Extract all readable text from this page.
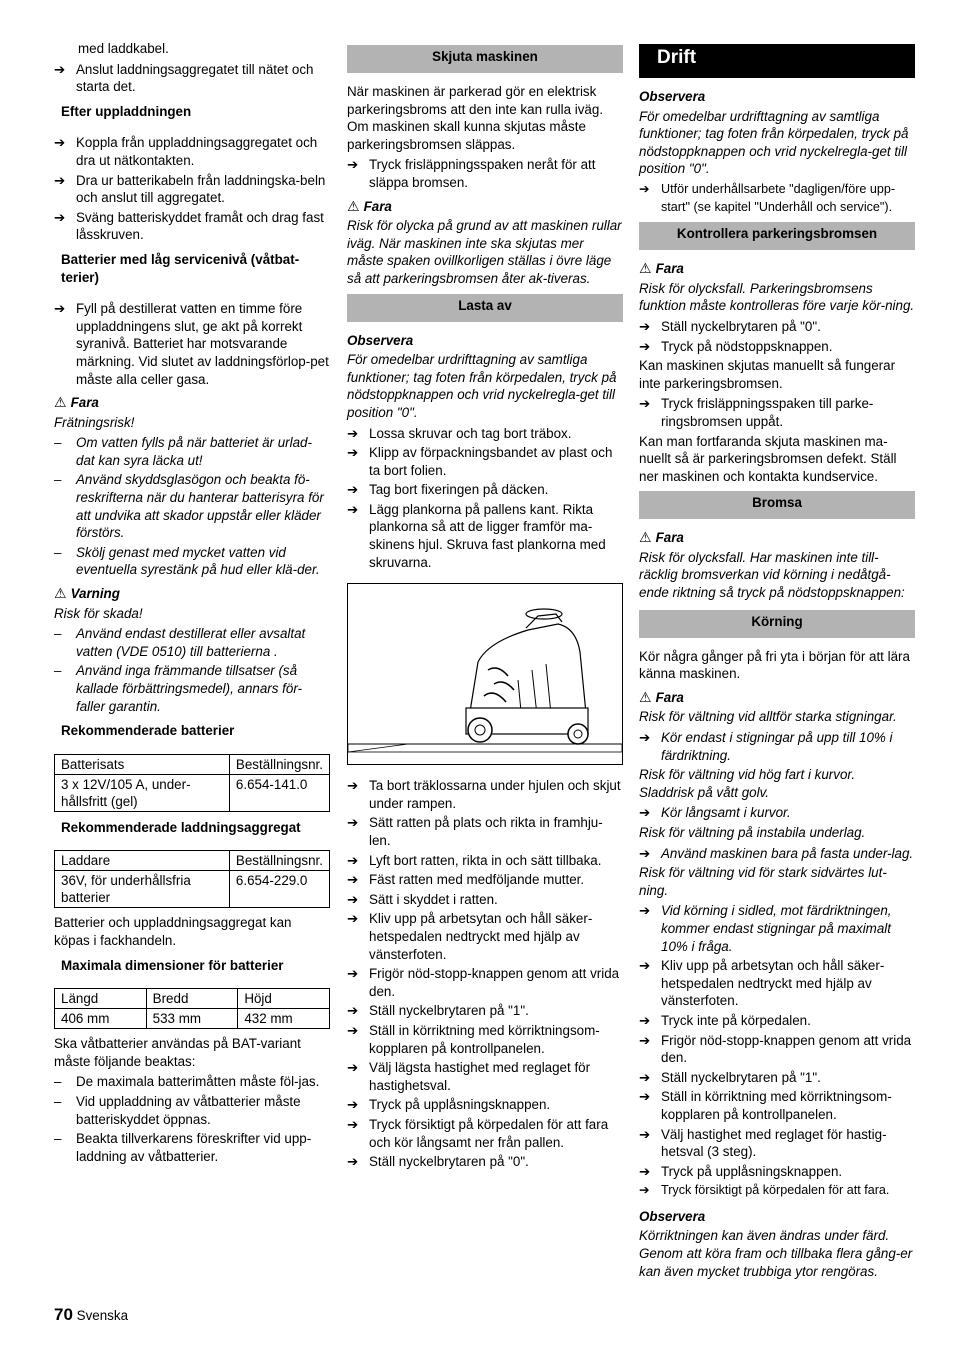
med laddkabel.

➔ Anslut laddningsaggregatet till nätet och starta det.
Efter uppladdningen
➔ Koppla från uppladdningsaggregatet och dra ut nätkontakten.
➔ Dra ur batterikabeln från laddningska-beln och anslut till aggregatet.
➔ Sväng batteriskyddet framåt och drag fast låsskruven.
Batterier med låg servicenivå (våtbat-terier)
➔ Fyll på destillerat vatten en timme före uppladdningens slut, ge akt på korrekt syranivå. Batteriet har motsvarande märkning. Vid slutet av laddningsförlop-pet måste alla celler gasa.
⚠ Fara

Frätningsrisk!

– Om vatten fylls på när batteriet är urlad-dat kan syra läcka ut!
– Använd skyddsglasögon och beakta fö-reskrifterna när du hanterar batterisyra för att undvika att skador uppstår eller kläder förstörs.
– Skölj genast med mycket vatten vid eventuella syrestänk på hud eller klä-der.
⚠ Varning

Risk för skada!

– Använd endast destillerat eller avsaltat vatten (VDE 0510) till batterierna .
– Använd inga främmande tillsatser (så kallade förbättringsmedel), annars för-faller garantin.
Rekommenderade batterier
Batterisats	Beställningsnr.
3 x 12V/105 A, under-hållsfritt (gel)	6.654-141.0
Rekommenderade laddningsaggregat
Laddare	Beställningsnr.
36V, för underhållsfria batterier	6.654-229.0

Batterier och uppladdningsaggregat kan köpas i fackhandeln.

Maximala dimensioner för batterier
Längd	Bredd	Höjd
406 mm	533 mm	432 mm

Ska våtbatterier användas på BAT-variant måste följande beaktas:

– De maximala batterimåtten måste föl-jas.
– Vid uppladdning av våtbatterier måste batteriskyddet öppnas.
– Beakta tillverkarens föreskrifter vid upp-laddning av våtbatterier.
Skjuta maskinen

När maskinen är parkerad gör en elektrisk parkeringsbroms att den inte kan rulla iväg. Om maskinen skall kunna skjutas måste parkeringsbromsen släppas.

➔ Tryck frisläppningsspaken neråt för att släppa bromsen.
⚠ Fara

Risk för olycka på grund av att maskinen rullar iväg. När maskinen inte ska skjutas mer måste spaken ovillkorligen ställas i övre läge så att parkeringsbromsen åter ak-tiveras.

Lasta av
Observera

För omedelbar urdrifttagning av samtliga funktioner; tag foten från körpedalen, tryck på nödstoppknappen och vrid nyckelregla-get till position "0".

➔ Lossa skruvar och tag bort träbox.
➔ Klipp av förpackningsbandet av plast och ta bort folien.
➔ Tag bort fixeringen på däcken.
➔ Lägg plankorna på pallens kant. Rikta plankorna så att de ligger framför ma-skinens hjul. Skruva fast plankorna med skruvarna.
➔ Ta bort träklossarna under hjulen och skjut under rampen.
➔ Sätt ratten på plats och rikta in framhju-len.
➔ Lyft bort ratten, rikta in och sätt tillbaka.
➔ Fäst ratten med medföljande mutter.
➔ Sätt i skyddet i ratten.
➔ Kliv upp på arbetsytan och håll säker-hetspedalen nedtryckt med hjälp av vänsterfoten.
➔ Frigör nöd-stopp-knappen genom att vrida den.
➔ Ställ nyckelbrytaren på "1".
➔ Ställ in körriktning med körriktningsom-kopplaren på kontrollpanelen.
➔ Välj lägsta hastighet med reglaget för hastighetsval.
➔ Tryck på upplåsningsknappen.
➔ Tryck försiktigt på körpedalen för att fara och kör långsamt ner från pallen.
➔ Ställ nyckelbrytaren på "0".
Drift
Observera

För omedelbar urdrifttagning av samtliga funktioner; tag foten från körpedalen, tryck på nödstoppknappen och vrid nyckelregla-get till position "0".

➔ Utför underhållsarbete "dagligen/före upp-start" (se kapitel "Underhåll och service").
Kontrollera parkeringsbromsen
⚠ Fara

Risk för olycksfall. Parkeringsbromsens funktion måste kontrolleras före varje kör-ning.

➔ Ställ nyckelbrytaren på "0".
➔ Tryck på nödstoppsknappen.

Kan maskinen skjutas manuellt så fungerar inte parkeringsbromsen.

➔ Tryck frisläppningsspaken till parke-ringsbromsen uppåt.

Kan man fortfaranda skjuta maskinen ma-nuellt så är parkeringsbromsen defekt. Ställ ner maskinen och kontakta kundservice.

Bromsa
⚠ Fara

Risk för olycksfall. Har maskinen inte till-räcklig bromsverkan vid körning i nedåtgå-ende riktning så tryck på nödstoppsknappen:

Körning

Kör några gånger på fri yta i början för att lära känna maskinen.

⚠ Fara

Risk för vältning vid alltför starka stigningar.

➔ Kör endast i stigningar på upp till 10% i färdriktning.

Risk för vältning vid hög fart i kurvor.

Sladdrisk på vått golv.

➔ Kör långsamt i kurvor.

Risk för vältning på instabila underlag.

➔ Använd maskinen bara på fasta under-lag.

Risk för vältning vid för stark sidvärtes lut-ning.

➔ Vid körning i sidled, mot färdriktningen, kommer endast stigningar på maximalt 10% i fråga.
➔ Kliv upp på arbetsytan och håll säker-hetspedalen nedtryckt med hjälp av vänsterfoten.
➔ Tryck inte på körpedalen.
➔ Frigör nöd-stopp-knappen genom att vrida den.
➔ Ställ nyckelbrytaren på "1".
➔ Ställ in körriktning med körriktningsom-kopplaren på kontrollpanelen.
➔ Välj hastighet med reglaget för hastig-hetsval (3 steg).
➔ Tryck på upplåsningsknappen.
➔ Tryck försiktigt på körpedalen för att fara.
Observera

Körriktningen kan även ändras under färd. Genom att köra fram och tillbaka flera gång-er kan även mycket trubbiga ytor rengöras.

70 Svenska
